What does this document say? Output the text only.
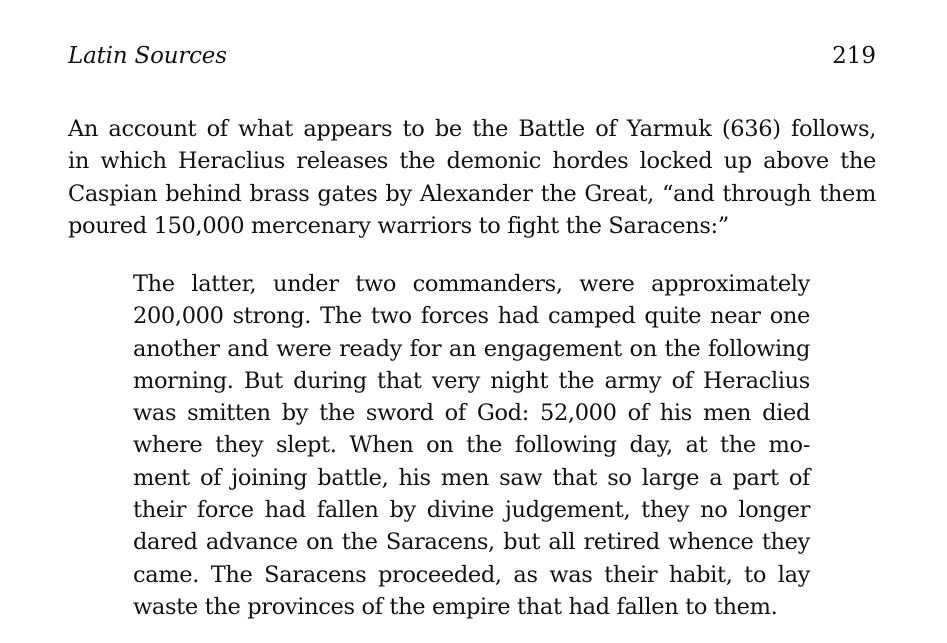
Latin Sources	219
An account of what appears to be the Battle of Yarmuk (636) follows,
in which Heraclius releases the demonic hordes locked up above the
Caspian behind brass gates by Alexander the Great, “and through them
poured 150,000 mercenary warriors to fight the Saracens:”
The latter, under two commanders, were approximately
200,000 strong. The two forces had camped quite near one
another and were ready for an engagement on the following
morning. But during that very night the army of Heraclius
was smitten by the sword of God: 52,000 of his men died
where they slept. When on the following day, at the mo-
ment of joining battle, his men saw that so large a part of
their force had fallen by divine judgement, they no longer
dared advance on the Saracens, but all retired whence they
came. The Saracens proceeded, as was their habit, to lay
waste the provinces of the empire that had fallen to them.
